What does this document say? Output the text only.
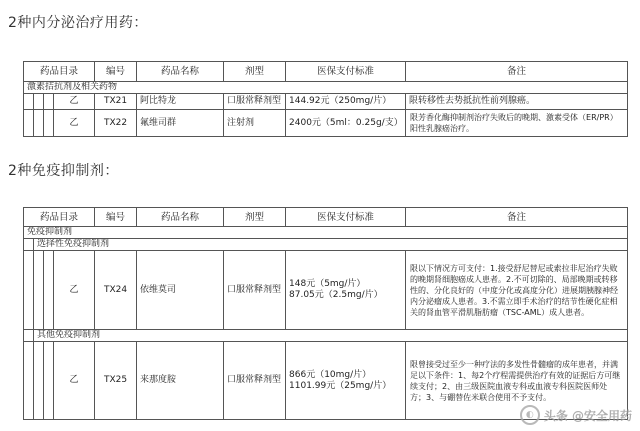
2种内分泌治疗用药：
药品目录				编号	药品名称	剂型	医保支付标准	备注
激素拮抗剂及相关药物								
			乙	TX21	阿比特龙	口服常释剂型	144.92元（250mg/片）	限转移性去势抵抗性前列腺癌。
			乙	TX22	氟维司群	注射剂	2400元（5ml：0.25g/支）	限芳香化酶抑制剂治疗失败后的晚期、激素受体（ER/PR）阳性乳腺癌治疗。
2种免疫抑制剂：
药品目录				编号	药品名称	剂型	医保支付标准	备注
免疫抑制剂								
	选择性免疫抑制剂							
			乙	TX24	依维莫司	口服常释剂型	148元（5mg/片）
87.05元（2.5mg/片）	限以下情况方可支付：1.接受舒尼替尼或索拉非尼治疗失败的晚期肾细胞癌成人患者。2.不可切除的、局部晚期或转移性的、分化良好的（中度分化或高度分化）进展期胰腺神经内分泌瘤成人患者。3.不需立即手术治疗的结节性硬化症相关的肾血管平滑肌脂肪瘤（TSC-AML）成人患者。
	其他免疫抑制剂							
			乙	TX25	来那度胺	口服常释剂型	866元（10mg/片）
1101.99元（25mg/片）	限曾接受过至少一种疗法的多发性骨髓瘤的成年患者，并满足以下条件：1、每2个疗程需提供治疗有效的证据后方可继续支付；2、由三级医院血液专科或血液专科医院医师处方；3、与硼替佐米联合使用不予支付。
◐ 头条 @安全用药
